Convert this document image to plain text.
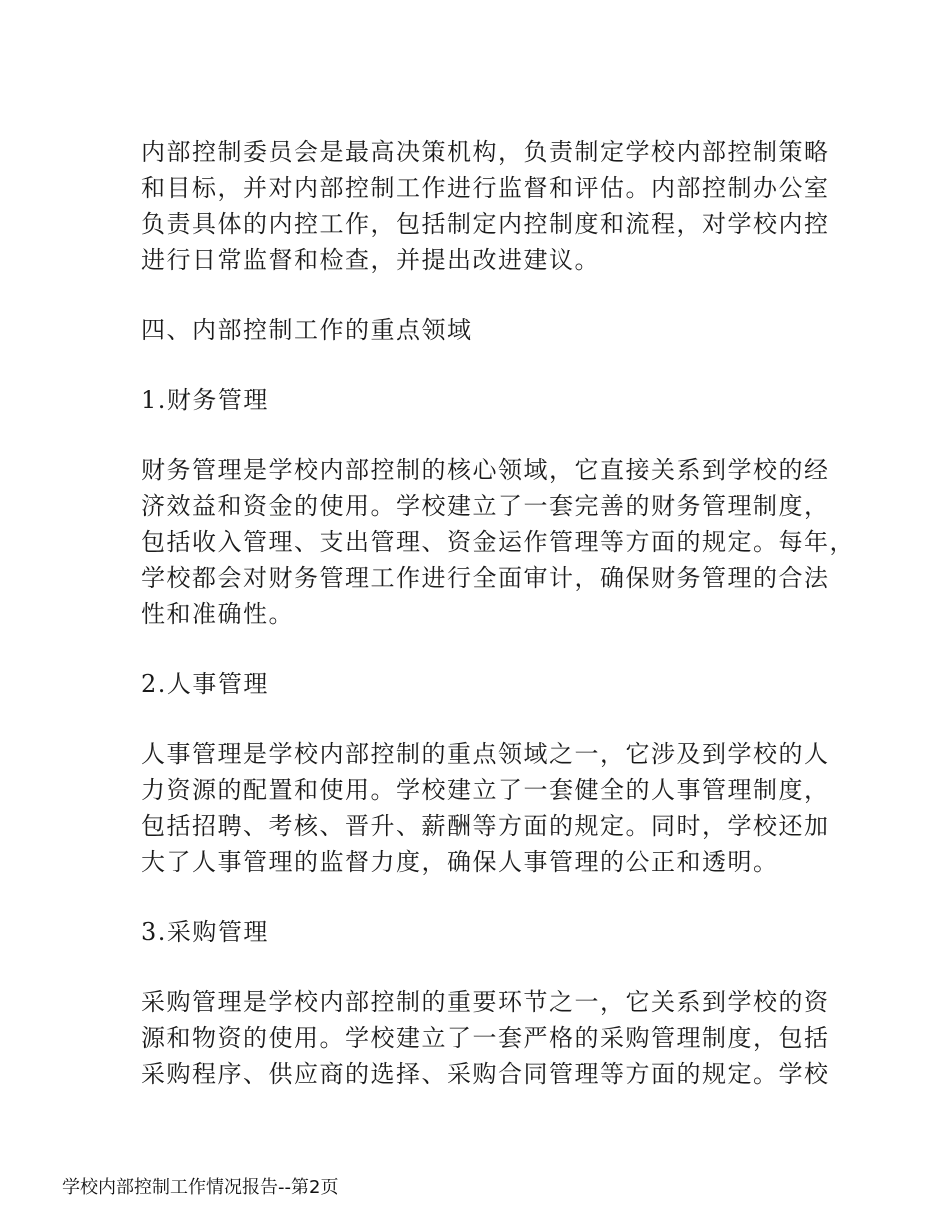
内部控制委员会是最高决策机构，负责制定学校内部控制策略
和目标，并对内部控制工作进行监督和评估。内部控制办公室
负责具体的内控工作，包括制定内控制度和流程，对学校内控
进行日常监督和检查，并提出改进建议。

四、内部控制工作的重点领域
1.财务管理

财务管理是学校内部控制的核心领域，它直接关系到学校的经
济效益和资金的使用。学校建立了一套完善的财务管理制度，
包括收入管理、支出管理、资金运作管理等方面的规定。每年，
学校都会对财务管理工作进行全面审计，确保财务管理的合法
性和准确性。

2.人事管理

人事管理是学校内部控制的重点领域之一，它涉及到学校的人
力资源的配置和使用。学校建立了一套健全的人事管理制度，
包括招聘、考核、晋升、薪酬等方面的规定。同时，学校还加
大了人事管理的监督力度，确保人事管理的公正和透明。

3.采购管理

采购管理是学校内部控制的重要环节之一，它关系到学校的资
源和物资的使用。学校建立了一套严格的采购管理制度，包括
采购程序、供应商的选择、采购合同管理等方面的规定。学校

学校内部控制工作情况报告--第2页
